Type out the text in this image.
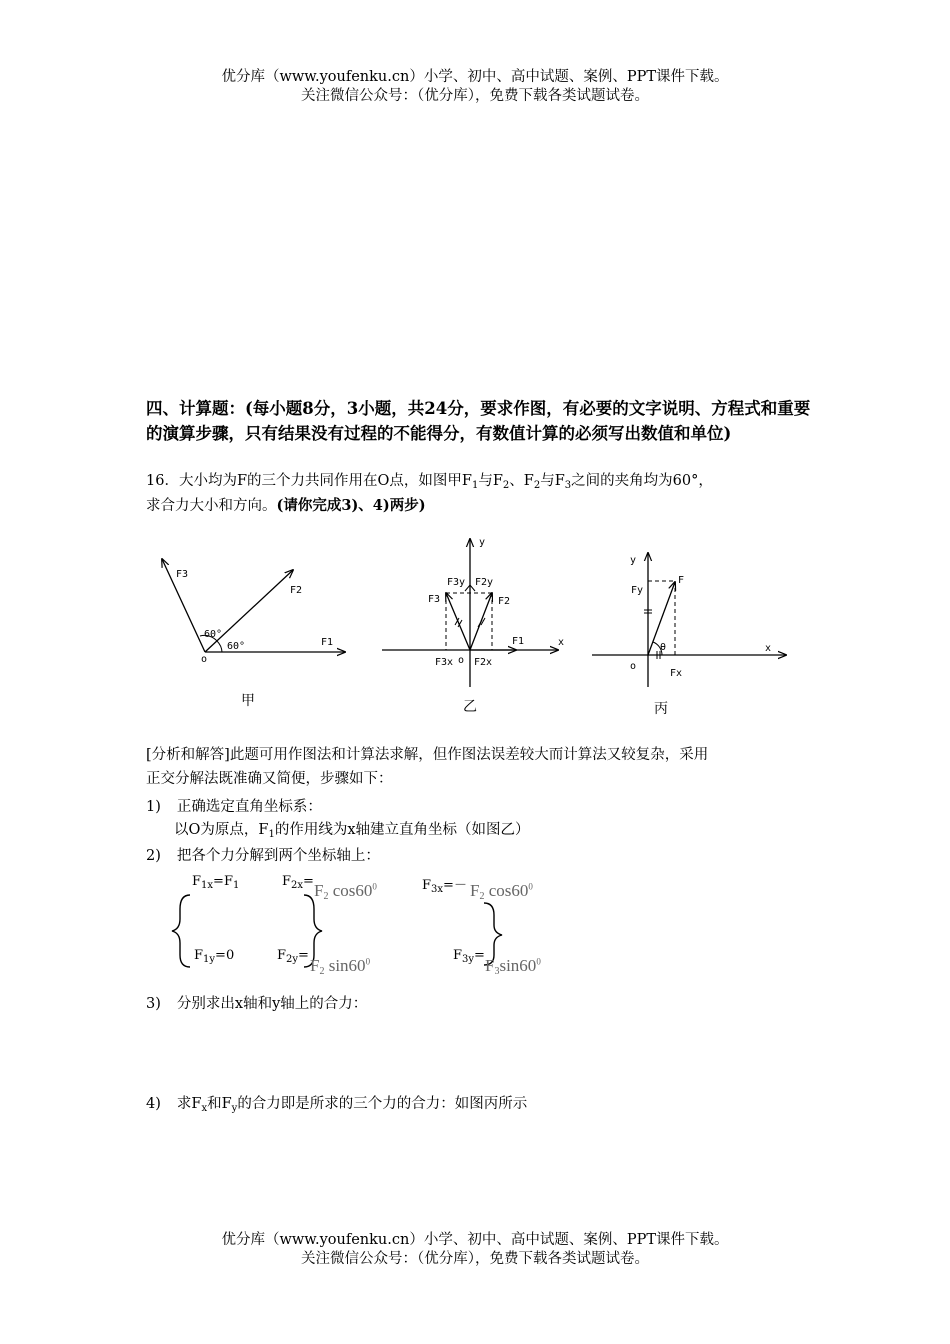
优分库（www.youfenku.cn）小学、初中、高中试题、案例、PPT课件下载。
关注微信公众号：（优分库），免费下载各类试题试卷。
四、计算题：(每小题8分，3小题，共24分，要求作图，有必要的文字说明、方程式和重要的演算步骤，只有结果没有过程的不能得分，有数值计算的必须写出数值和单位)
16．大小均为F的三个力共同作用在O点，如图甲$F_1$与$F_2$、$F_2$与$F_3$之间的夹角均为60°，
求合力大小和方向。(请你完成3)、4)两步)
F3
F2
F1
60°
60°
o
甲
y
x
F3y F2y
F3	F2
F1
F3x o F2x
乙
y
x
Fy
F
θ
o
Fx
丙
[分析和解答]此题可用作图法和计算法求解，但作图法误差较大而计算法又较复杂，采用
正交分解法既准确又简便，步骤如下：
1) 正确选定直角坐标系：
以O为原点，$F_1$的作用线为x轴建立直角坐标（如图乙）
2) 把各个力分解到两个坐标轴上：
$F_{1x}=F_1$
$F_{1y}=0$
$F_{2x}= F_2$ $\cos 60^0$
$F_{2y}=$
$F_2$ $\sin 60^0$
$F_{3x}=- F_2$ $\cos 60^0$
$F_{3y}=$
$F_3\sin 60^0$
3) 分别求出x轴和y轴上的合力：
4) 求$F_x$和$F_y$的合力即是所求的三个力的合力：如图丙所示
优分库（www.youfenku.cn）小学、初中、高中试题、案例、PPT课件下载。
关注微信公众号：（优分库），免费下载各类试题试卷。
